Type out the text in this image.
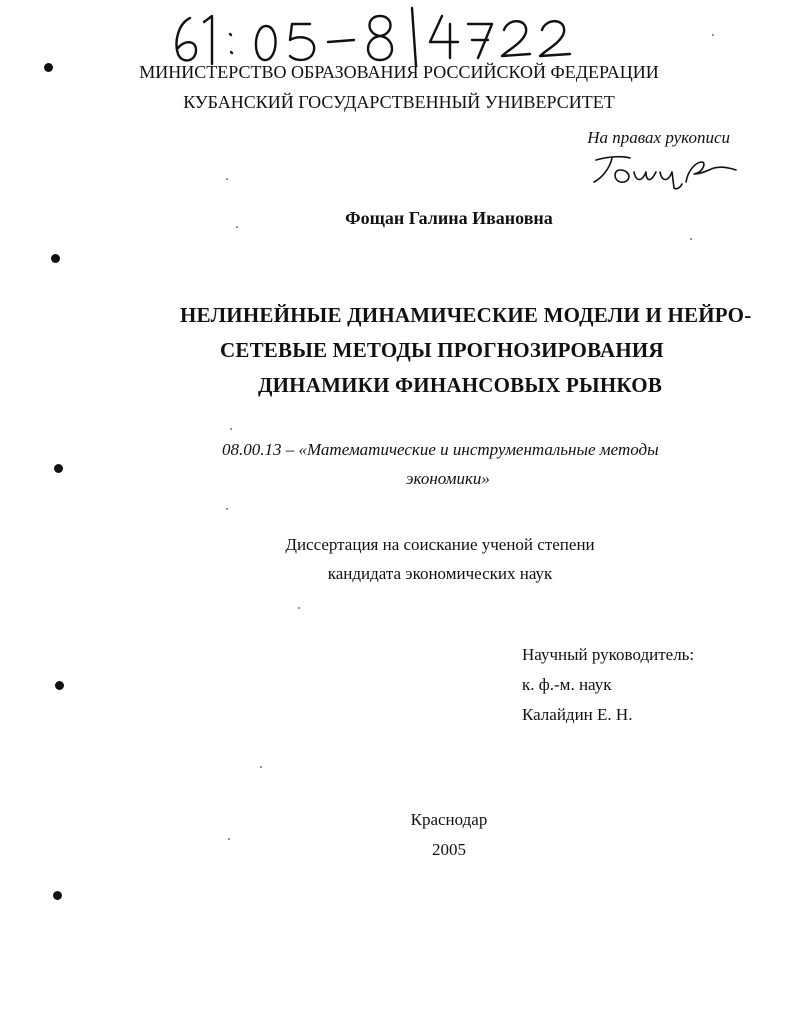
61: 05-8/4722
МИНИСТЕРСТВО ОБРАЗОВАНИЯ РОССИЙСКОЙ ФЕДЕРАЦИИ
КУБАНСКИЙ ГОСУДАРСТВЕННЫЙ УНИВЕРСИТЕТ
На правах рукописи
Фощан
Фощан Галина Ивановна
НЕЛИНЕЙНЫЕ ДИНАМИЧЕСКИЕ МОДЕЛИ И НЕЙРО-
СЕТЕВЫЕ МЕТОДЫ ПРОГНОЗИРОВАНИЯ
ДИНАМИКИ ФИНАНСОВЫХ РЫНКОВ
08.00.13 – «Математические и инструментальные методы
экономики»
Диссертация на соискание ученой степени
кандидата экономических наук
Научный руководитель:
к. ф.-м. наук
Калайдин Е. Н.
Краснодар
2005
